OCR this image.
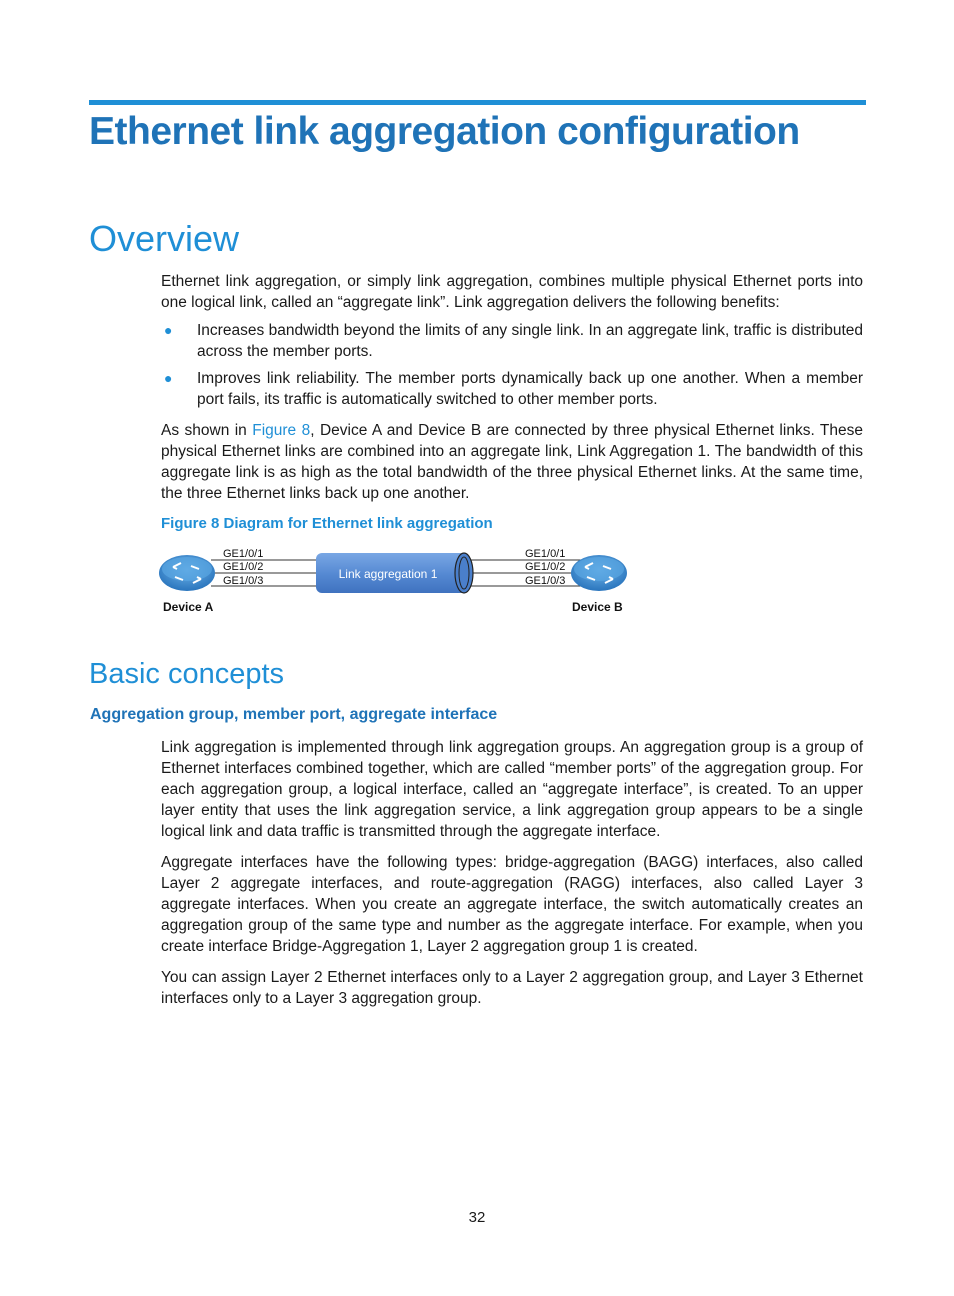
Ethernet link aggregation configuration
Overview

Ethernet link aggregation, or simply link aggregation, combines multiple physical Ethernet ports into one logical link, called an “aggregate link”. Link aggregation delivers the following benefits:

● Increases bandwidth beyond the limits of any single link. In an aggregate link, traffic is distributed across the member ports.
● Improves link reliability. The member ports dynamically back up one another. When a member port fails, its traffic is automatically switched to other member ports.

As shown in Figure 8, Device A and Device B are connected by three physical Ethernet links. These physical Ethernet links are combined into an aggregate link, Link Aggregation 1. The bandwidth of this aggregate link is as high as the total bandwidth of the three physical Ethernet links. At the same time, the three Ethernet links back up one another.

Figure 8 Diagram for Ethernet link aggregation
Link aggregation 1
GE1/0/1
GE1/0/2
GE1/0/3
GE1/0/1
GE1/0/2
GE1/0/3
Device A	Device B
Basic concepts
Aggregation group, member port, aggregate interface

Link aggregation is implemented through link aggregation groups. An aggregation group is a group of Ethernet interfaces combined together, which are called “member ports” of the aggregation group. For each aggregation group, a logical interface, called an “aggregate interface”, is created. To an upper layer entity that uses the link aggregation service, a link aggregation group appears to be a single logical link and data traffic is transmitted through the aggregate interface.

Aggregate interfaces have the following types: bridge-aggregation (BAGG) interfaces, also called Layer 2 aggregate interfaces, and route-aggregation (RAGG) interfaces, also called Layer 3 aggregate interfaces. When you create an aggregate interface, the switch automatically creates an aggregation group of the same type and number as the aggregate interface. For example, when you create interface Bridge-Aggregation 1, Layer 2 aggregation group 1 is created.

You can assign Layer 2 Ethernet interfaces only to a Layer 2 aggregation group, and Layer 3 Ethernet interfaces only to a Layer 3 aggregation group.

32
